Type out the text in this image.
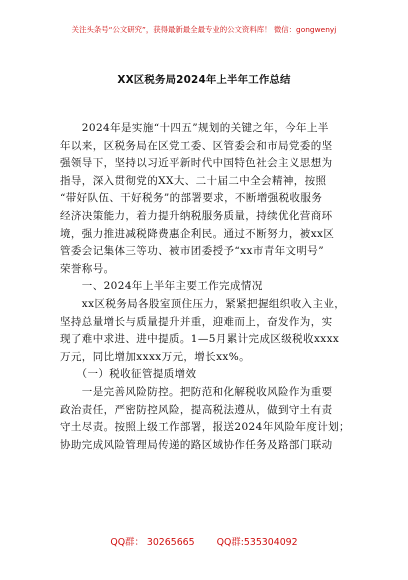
关注头条号“公文研究”，获得最新最全最专业的公文资料库！ 微信：gongwenyj
XX区税务局2024年上半年工作总结
　　2024年是实施“十四五”规划的关键之年，今年上半
年以来，区税务局在区党工委、区管委会和市局党委的坚
强领导下，坚持以习近平新时代中国特色社会主义思想为
指导，深入贯彻党的XX大、二十届二中全会精神，按照
“带好队伍、干好税务”的部署要求，不断增强税收服务
经济决策能力，着力提升纳税服务质量，持续优化营商环
境，强力推进减税降费惠企利民。通过不断努力，被xx区
管委会记集体三等功、被市团委授予“xx市青年文明号”
荣誉称号。
　　一、2024年上半年主要工作完成情况
　　xx区税务局各股室顶住压力，紧紧把握组织收入主业，
坚持总量增长与质量提升并重，迎难而上，奋发作为，实
现了难中求进、进中提质。1—5月累计完成区级税收xxxx
万元，同比增加xxxx万元，增长xx%。
　　（一）税收征管提质增效
　　一是完善风险防控。把防范和化解税收风险作为重要
政治责任，严密防控风险，提高税法遵从，做到守土有责
守土尽责。按照上级工作部署，报送2024年风险年度计划；
协助完成风险管理局传递的路区域协作任务及路部门联动
QQ群： 30265665 QQ群:535304092
